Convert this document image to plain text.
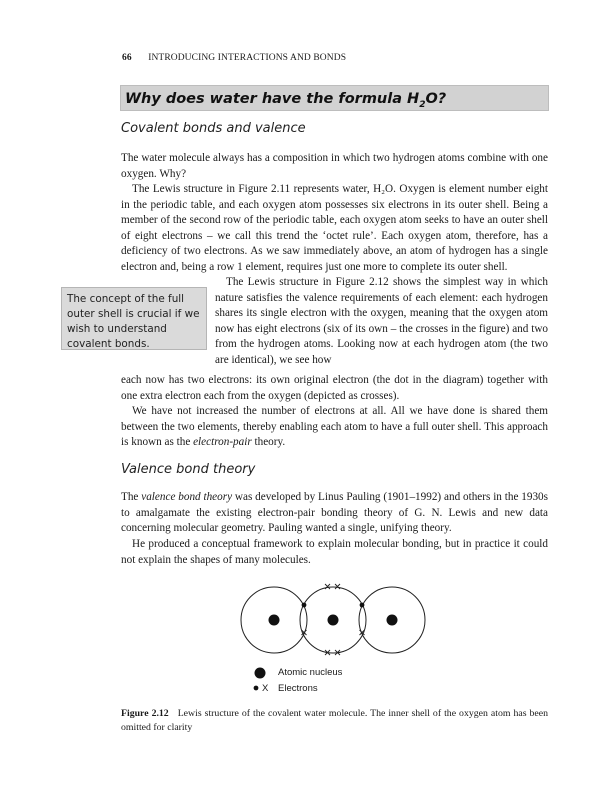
66 INTRODUCING INTERACTIONS AND BONDS
Why does water have the formula $H_2O$?
Covalent bonds and valence

The water molecule always has a composition in which two hydrogen atoms combine with one oxygen. Why?

The Lewis structure in Figure 2.11 represents water, H₂O. Oxygen is element number eight in the periodic table, and each oxygen atom possesses six electrons in its outer shell. Being a member of the second row of the periodic table, each oxygen atom seeks to have an outer shell of eight electrons – we call this trend the ‘octet rule’. Each oxygen atom, therefore, has a deficiency of two electrons. As we saw immediately above, an atom of hydrogen has a single electron and, being a row 1 element, requires just one more to complete its outer shell.

The Lewis structure in Figure 2.12 shows the simplest way in which nature satisfies the valence requirements of each element: each hydrogen shares its single electron with the oxygen, meaning that the oxygen atom now has eight electrons (six of its own – the crosses in the figure) and two from the hydrogen atoms. Looking now at each hydrogen atom (the two are identical), we see how

each now has two electrons: its own original electron (the dot in the diagram) together with one extra electron each from the oxygen (depicted as crosses).

We have not increased the number of electrons at all. All we have done is shared them between the two elements, thereby enabling each atom to have a full outer shell. This approach is known as the electron-pair theory.

The concept of the full outer shell is crucial if we wish to understand covalent bonds.
Valence bond theory

The valence bond theory was developed by Linus Pauling (1901–1992) and others in the 1930s to amalgamate the existing electron-pair bonding theory of G. N. Lewis and new data concerning molecular geometry. Pauling wanted a single, unifying theory.

He produced a conceptual framework to explain molecular bonding, but in practice it could not explain the shapes of many molecules.

Atomic nucleus
X Electrons

Figure 2.12 Lewis structure of the covalent water molecule. The inner shell of the oxygen atom has been omitted for clarity
